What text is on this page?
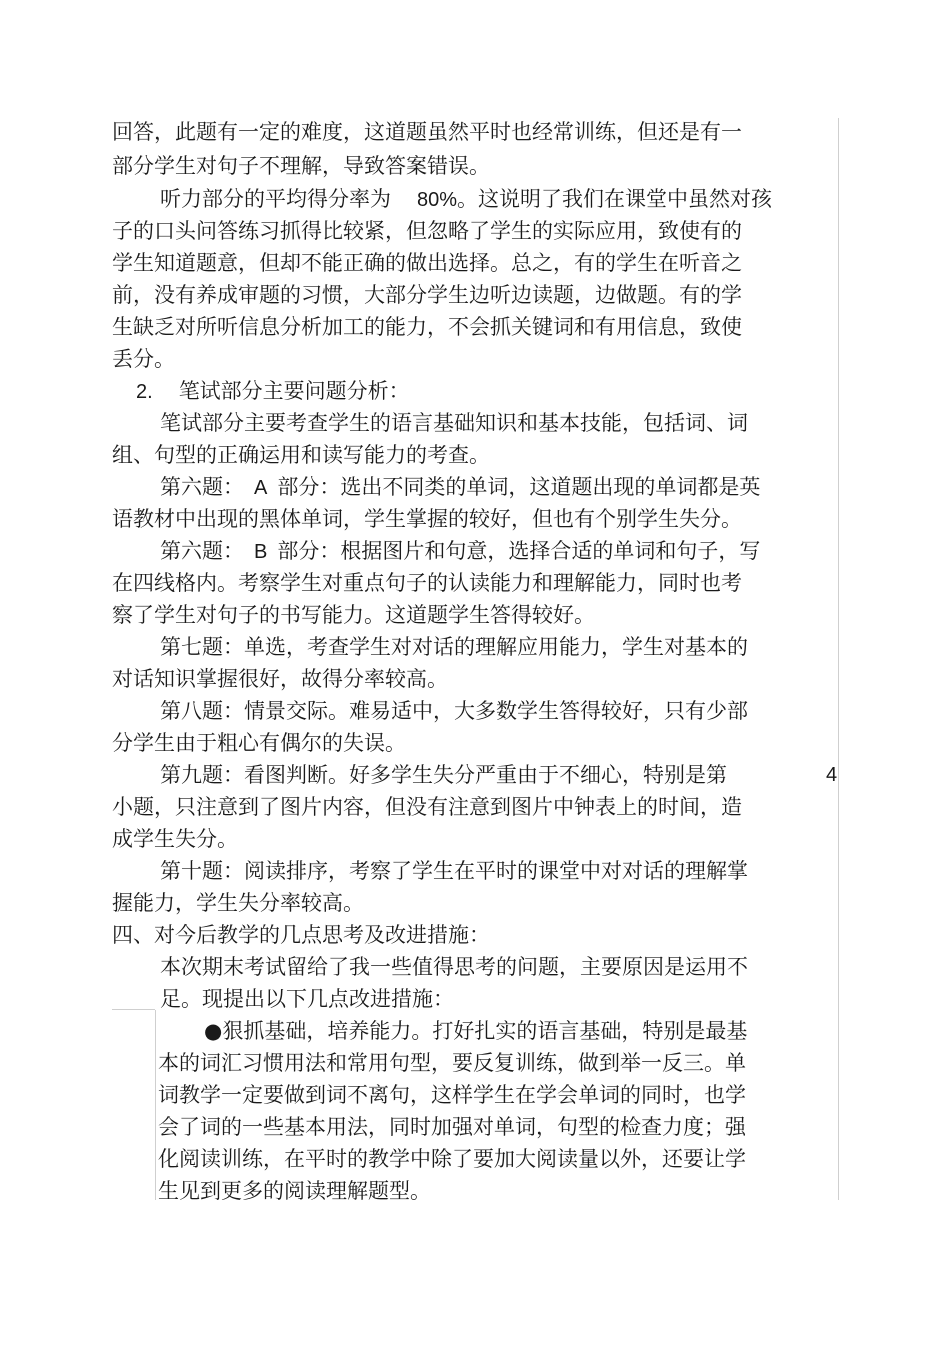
回答，此题有一定的难度，这道题虽然平时也经常训练，但还是有一
部分学生对句子不理解，导致答案错误。
听力部分的平均得分率为 80%。这说明了我们在课堂中虽然对孩
子的口头问答练习抓得比较紧，但忽略了学生的实际应用，致使有的
学生知道题意，但却不能正确的做出选择。总之，有的学生在听音之
前，没有养成审题的习惯，大部分学生边听边读题，边做题。有的学
生缺乏对所听信息分析加工的能力，不会抓关键词和有用信息，致使
丢分。
2. 笔试部分主要问题分析：
笔试部分主要考查学生的语言基础知识和基本技能，包括词、词
组、句型的正确运用和读写能力的考查。
第六题： A 部分：选出不同类的单词，这道题出现的单词都是英
语教材中出现的黑体单词，学生掌握的较好，但也有个别学生失分。
第六题： B 部分：根据图片和句意，选择合适的单词和句子，写
在四线格内。考察学生对重点句子的认读能力和理解能力，同时也考
察了学生对句子的书写能力。这道题学生答得较好。
第七题：单选，考查学生对对话的理解应用能力，学生对基本的
对话知识掌握很好，故得分率较高。
第八题：情景交际。难易适中，大多数学生答得较好，只有少部
分学生由于粗心有偶尔的失误。
第九题：看图判断。好多学生失分严重由于不细心，特别是第	4
小题，只注意到了图片内容，但没有注意到图片中钟表上的时间，造
成学生失分。
第十题：阅读排序，考察了学生在平时的课堂中对对话的理解掌
握能力，学生失分率较高。
四、对今后教学的几点思考及改进措施：
本次期末考试留给了我一些值得思考的问题，主要原因是运用不
足。现提出以下几点改进措施：
●狠抓基础，培养能力。打好扎实的语言基础，特别是最基
本的词汇习惯用法和常用句型，要反复训练，做到举一反三。单
词教学一定要做到词不离句，这样学生在学会单词的同时，也学
会了词的一些基本用法，同时加强对单词，句型的检查力度；强
化阅读训练，在平时的教学中除了要加大阅读量以外，还要让学
生见到更多的阅读理解题型。
